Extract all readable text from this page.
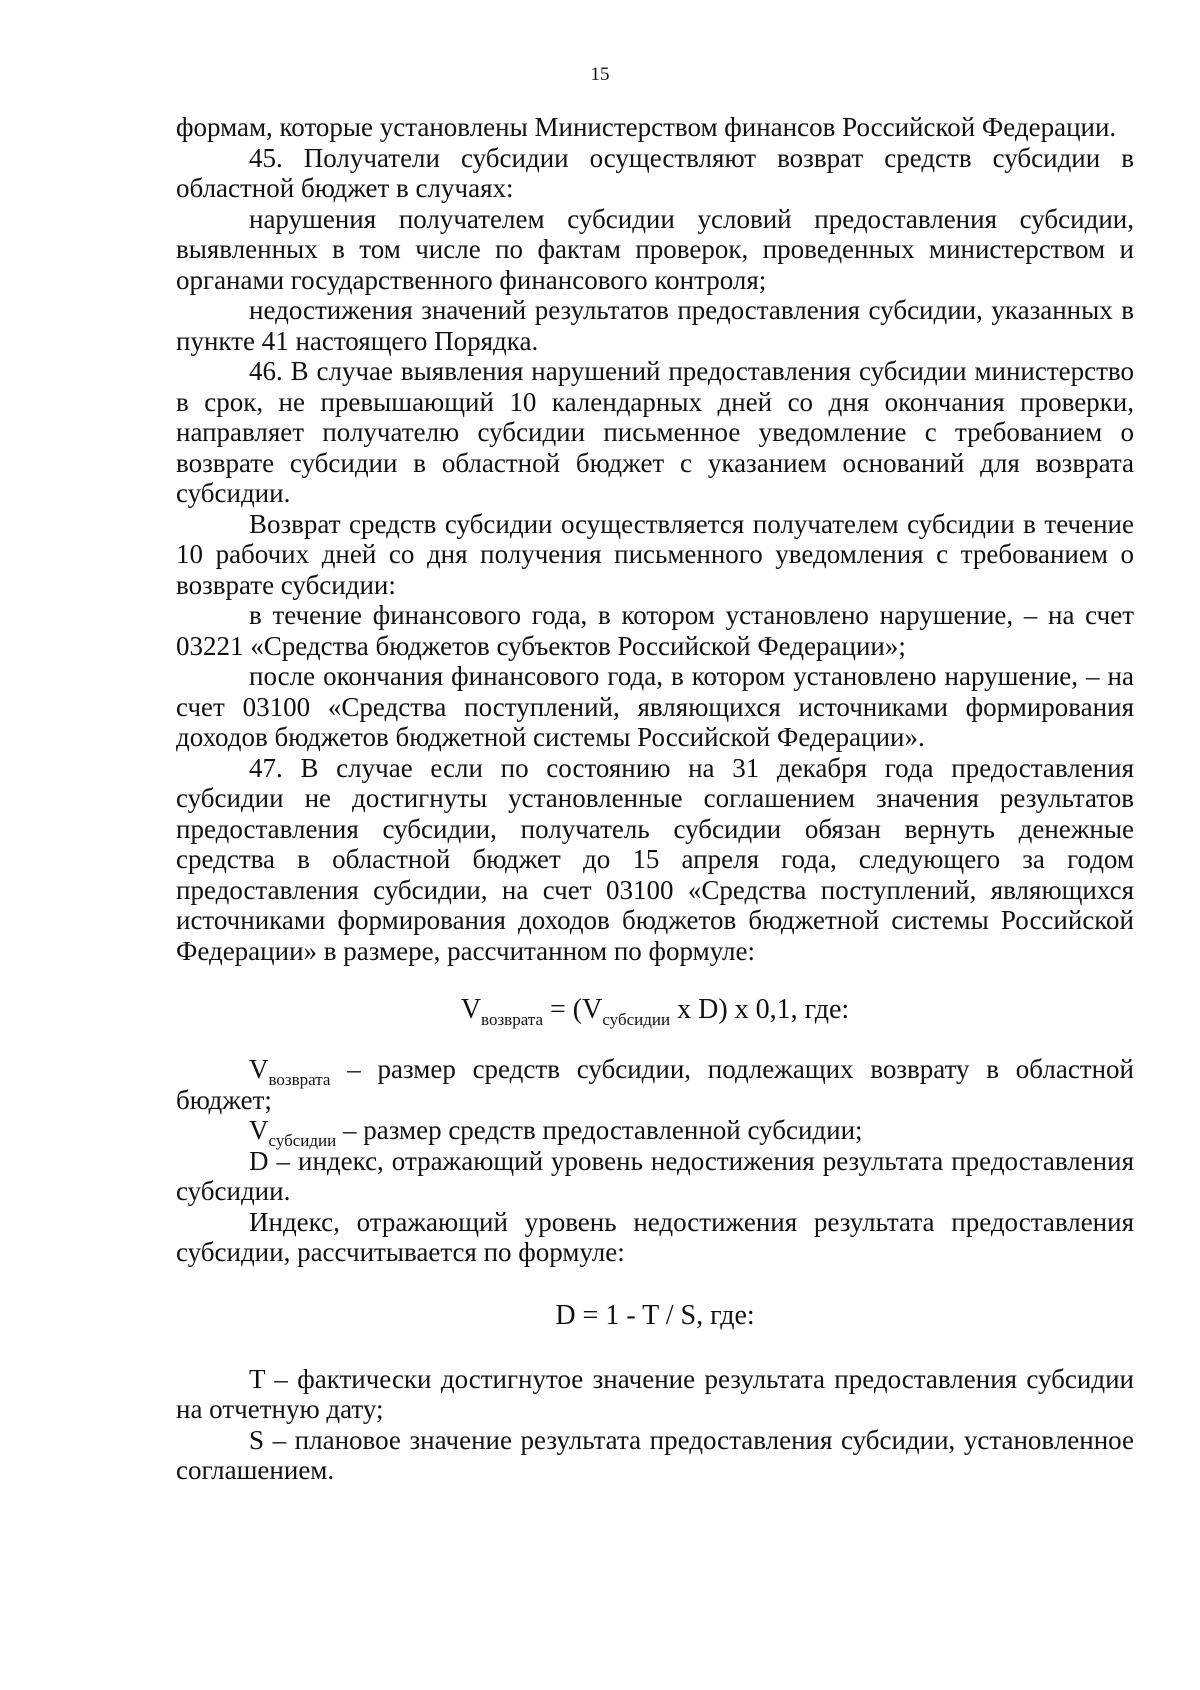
15

формам, которые установлены Министерством финансов Российской Федерации.

45. Получатели субсидии осуществляют возврат средств субсидии в областной бюджет в случаях:

нарушения получателем субсидии условий предоставления субсидии, выявленных в том числе по фактам проверок, проведенных министерством и органами государственного финансового контроля;

недостижения значений результатов предоставления субсидии, указанных в пункте 41 настоящего Порядка.

46. В случае выявления нарушений предоставления субсидии министерство в срок, не превышающий 10 календарных дней со дня окончания проверки, направляет получателю субсидии письменное уведомление с требованием о возврате субсидии в областной бюджет с указанием оснований для возврата субсидии.

Возврат средств субсидии осуществляется получателем субсидии в течение 10 рабочих дней со дня получения письменного уведомления с требованием о возврате субсидии:

в течение финансового года, в котором установлено нарушение, – на счет 03221 «Средства бюджетов субъектов Российской Федерации»;

после окончания финансового года, в котором установлено нарушение, – на счет 03100 «Средства поступлений, являющихся источниками формирования доходов бюджетов бюджетной системы Российской Федерации».

47. В случае если по состоянию на 31 декабря года предоставления субсидии не достигнуты установленные соглашением значения результатов предоставления субсидии, получатель субсидии обязан вернуть денежные средства в областной бюджет до 15 апреля года, следующего за годом предоставления субсидии, на счет 03100 «Средства поступлений, являющихся источниками формирования доходов бюджетов бюджетной системы Российской Федерации» в размере, рассчитанном по формуле:

$V_{возврата} = (V_{субсидии}$ x D) x 0,1, где:

$V_{возврата}$ – размер средств субсидии, подлежащих возврату в областной бюджет;

$V_{субсидии}$ – размер средств предоставленной субсидии;

D – индекс, отражающий уровень недостижения результата предоставления субсидии.

Индекс, отражающий уровень недостижения результата предоставления субсидии, рассчитывается по формуле:

D = 1 - T / S, где:

T – фактически достигнутое значение результата предоставления субсидии на отчетную дату;

S – плановое значение результата предоставления субсидии, установленное соглашением.
